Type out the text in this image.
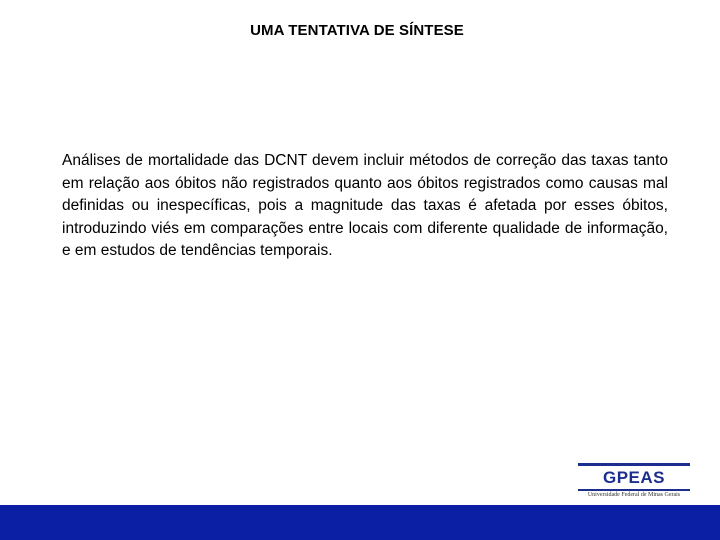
UMA TENTATIVA DE SÍNTESE
Análises de mortalidade das DCNT devem incluir métodos de correção das taxas tanto em relação aos óbitos não registrados quanto aos óbitos registrados como causas mal definidas ou inespecíficas, pois a magnitude das taxas é afetada por esses óbitos, introduzindo viés em comparações entre locais com diferente qualidade de informação, e em estudos de tendências temporais.
GPEAS
Universidade Federal de Minas Gerais
